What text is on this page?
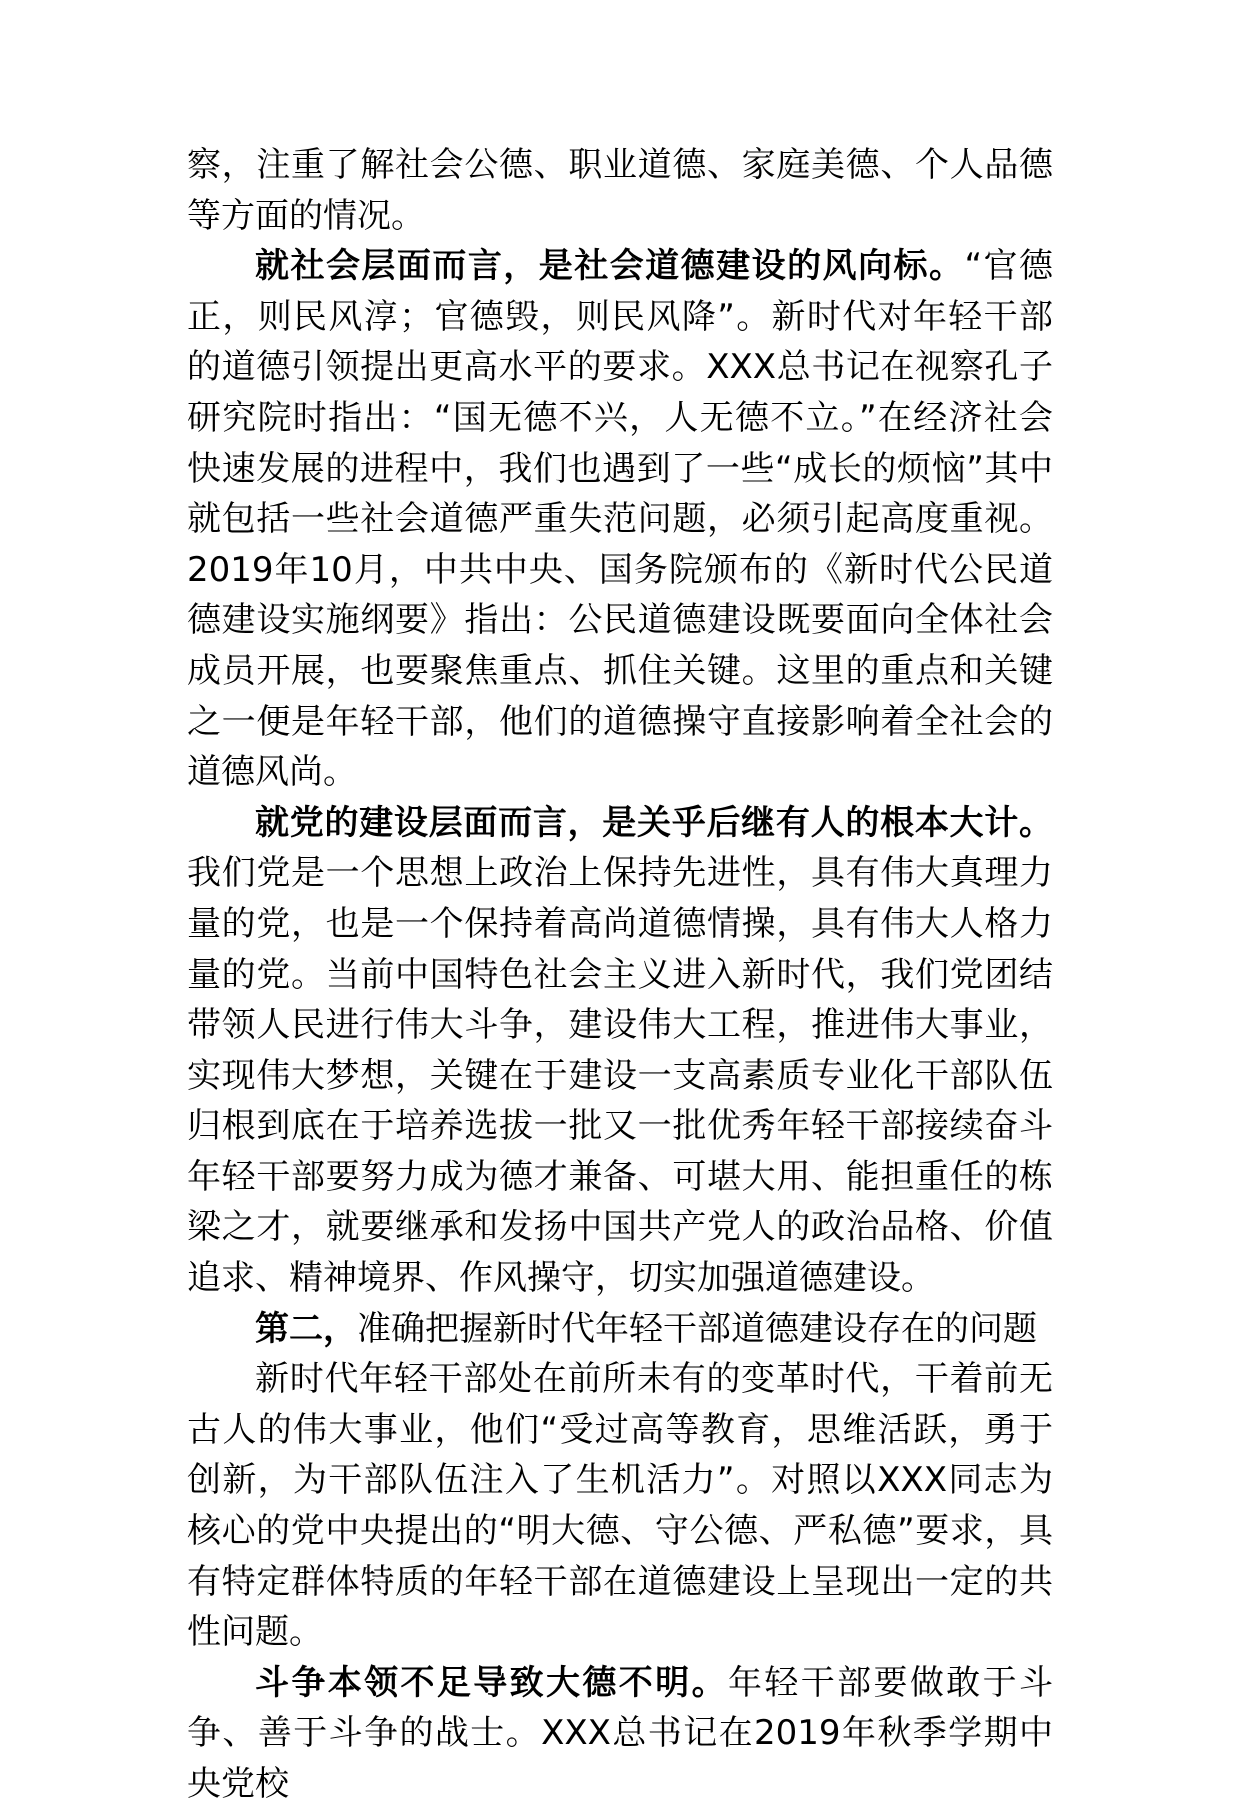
察，注重了解社会公德、职业道德、家庭美德、个人品德等方面的情况。

就社会层面而言，是社会道德建设的风向标。“官德正，则民风淳；官德毁，则民风降”。新时代对年轻干部的道德引领提出更高水平的要求。XXX总书记在视察孔子研究院时指出：“国无德不兴，人无德不立。”在经济社会快速发展的进程中，我们也遇到了一些“成长的烦恼”其中就包括一些社会道德严重失范问题，必须引起高度重视。2019年10月，中共中央、国务院颁布的《新时代公民道德建设实施纲要》指出：公民道德建设既要面向全体社会成员开展，也要聚焦重点、抓住关键。这里的重点和关键之一便是年轻干部，他们的道德操守直接影响着全社会的道德风尚。

就党的建设层面而言，是关乎后继有人的根本大计。我们党是一个思想上政治上保持先进性，具有伟大真理力量的党，也是一个保持着高尚道德情操，具有伟大人格力量的党。当前中国特色社会主义进入新时代，我们党团结带领人民进行伟大斗争，建设伟大工程，推进伟大事业，实现伟大梦想，关键在于建设一支高素质专业化干部队伍归根到底在于培养选拔一批又一批优秀年轻干部接续奋斗年轻干部要努力成为德才兼备、可堪大用、能担重任的栋梁之才，就要继承和发扬中国共产党人的政治品格、价值追求、精神境界、作风操守，切实加强道德建设。

第二，准确把握新时代年轻干部道德建设存在的问题

新时代年轻干部处在前所未有的变革时代，干着前无古人的伟大事业，他们“受过高等教育，思维活跃，勇于创新，为干部队伍注入了生机活力”。对照以XXX同志为核心的党中央提出的“明大德、守公德、严私德”要求，具有特定群体特质的年轻干部在道德建设上呈现出一定的共性问题。

斗争本领不足导致大德不明。年轻干部要做敢于斗争、善于斗争的战士。XXX总书记在2019年秋季学期中央党校
